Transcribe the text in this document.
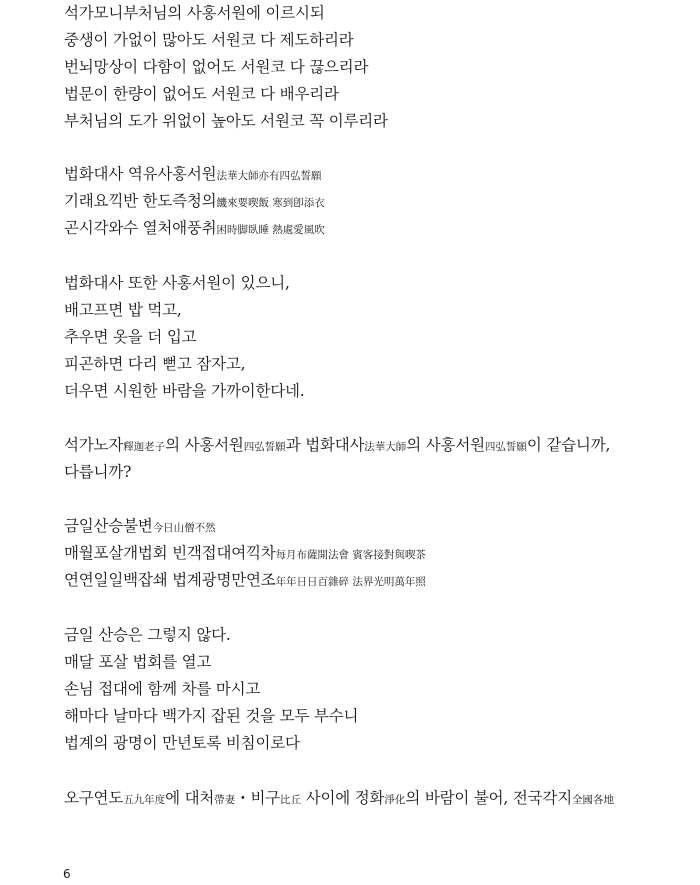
석가모니부처님의 사홍서원에 이르시되
중생이 가없이 많아도 서원코 다 제도하리라
번뇌망상이 다함이 없어도 서원코 다 끊으리라
법문이 한량이 없어도 서원코 다 배우리라
부처님의 도가 위없이 높아도 서원코 꼭 이루리라
법화대사 역유사홍서원法華大師亦有四弘誓願
기래요끽반 한도즉청의饑來要喫飯 寒到卽添衣
곤시각와수 열처애풍취困時脚臥睡 熱處愛風吹
법화대사 또한 사홍서원이 있으니,
배고프면 밥 먹고,
추우면 옷을 더 입고
피곤하면 다리 뻗고 잠자고,
더우면 시원한 바람을 가까이한다네.
석가노자釋迦老子의 사홍서원四弘誓願과 법화대사法華大師의 사홍서원四弘誓願이 같습니까,
다릅니까?
금일산승불변今日山僧不然
매월포살개법회 빈객접대여끽차每月布薩開法會 賓客接對與喫茶
연연일일백잡쇄 법계광명만연조年年日日百雜碎 法界光明萬年照
금일 산승은 그렇지 않다.
매달 포살 법회를 열고
손님 접대에 함께 차를 마시고
해마다 날마다 백가지 잡된 것을 모두 부수니
법계의 광명이 만년토록 비침이로다
오구연도五九年度에 대처帶妻・비구比丘 사이에 정화淨化의 바람이 불어, 전국각지全國各地
6
